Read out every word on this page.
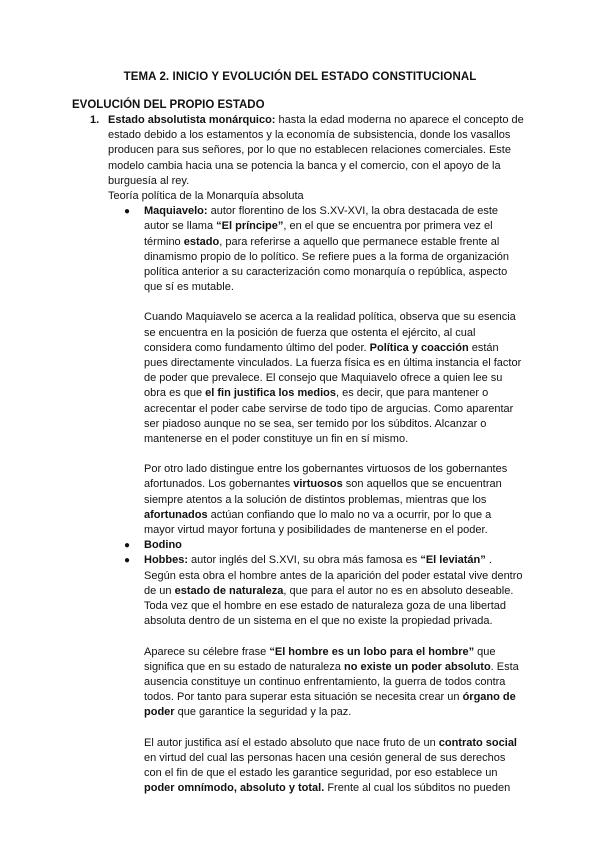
TEMA 2. INICIO Y EVOLUCIÓN DEL ESTADO CONSTITUCIONAL
EVOLUCIÓN DEL PROPIO ESTADO
1. Estado absolutista monárquico: hasta la edad moderna no aparece el concepto de estado debido a los estamentos y la economía de subsistencia, donde los vasallos producen para sus señores, por lo que no establecen relaciones comerciales. Este modelo cambia hacia una se potencia la banca y el comercio, con el apoyo de la burguesía al rey.
Teoría política de la Monarquía absoluta
● Maquiavelo: autor florentino de los S.XV-XVI, la obra destacada de este autor se llama “El príncipe”, en el que se encuentra por primera vez el término estado, para referirse a aquello que permanece estable frente al dinamismo propio de lo político. Se refiere pues a la forma de organización política anterior a su caracterización como monarquía o república, aspecto que sí es mutable.
Cuando Maquiavelo se acerca a la realidad política, observa que su esencia se encuentra en la posición de fuerza que ostenta el ejército, al cual considera como fundamento último del poder. Política y coacción están pues directamente vinculados. La fuerza física es en última instancia el factor de poder que prevalece. El consejo que Maquiavelo ofrece a quien lee su obra es que el fin justifica los medios, es decir, que para mantener o acrecentar el poder cabe servirse de todo tipo de argucias. Como aparentar ser piadoso aunque no se sea, ser temido por los súbditos. Alcanzar o mantenerse en el poder constituye un fin en sí mismo.
Por otro lado distingue entre los gobernantes virtuosos de los gobernantes afortunados. Los gobernantes virtuosos son aquellos que se encuentran siempre atentos a la solución de distintos problemas, mientras que los afortunados actúan confiando que lo malo no va a ocurrir, por lo que a mayor virtud mayor fortuna y posibilidades de mantenerse en el poder.
● Bodino
● Hobbes: autor inglés del S.XVI, su obra más famosa es “El leviatán” . Según esta obra el hombre antes de la aparición del poder estatal vive dentro de un estado de naturaleza, que para el autor no es en absoluto deseable. Toda vez que el hombre en ese estado de naturaleza goza de una libertad absoluta dentro de un sistema en el que no existe la propiedad privada.
Aparece su célebre frase “El hombre es un lobo para el hombre” que significa que en su estado de naturaleza no existe un poder absoluto. Esta ausencia constituye un continuo enfrentamiento, la guerra de todos contra todos. Por tanto para superar esta situación se necesita crear un órgano de poder que garantice la seguridad y la paz.
El autor justifica así el estado absoluto que nace fruto de un contrato social en virtud del cual las personas hacen una cesión general de sus derechos con el fin de que el estado les garantice seguridad, por eso establece un poder omnímodo, absoluto y total. Frente al cual los súbditos no pueden
